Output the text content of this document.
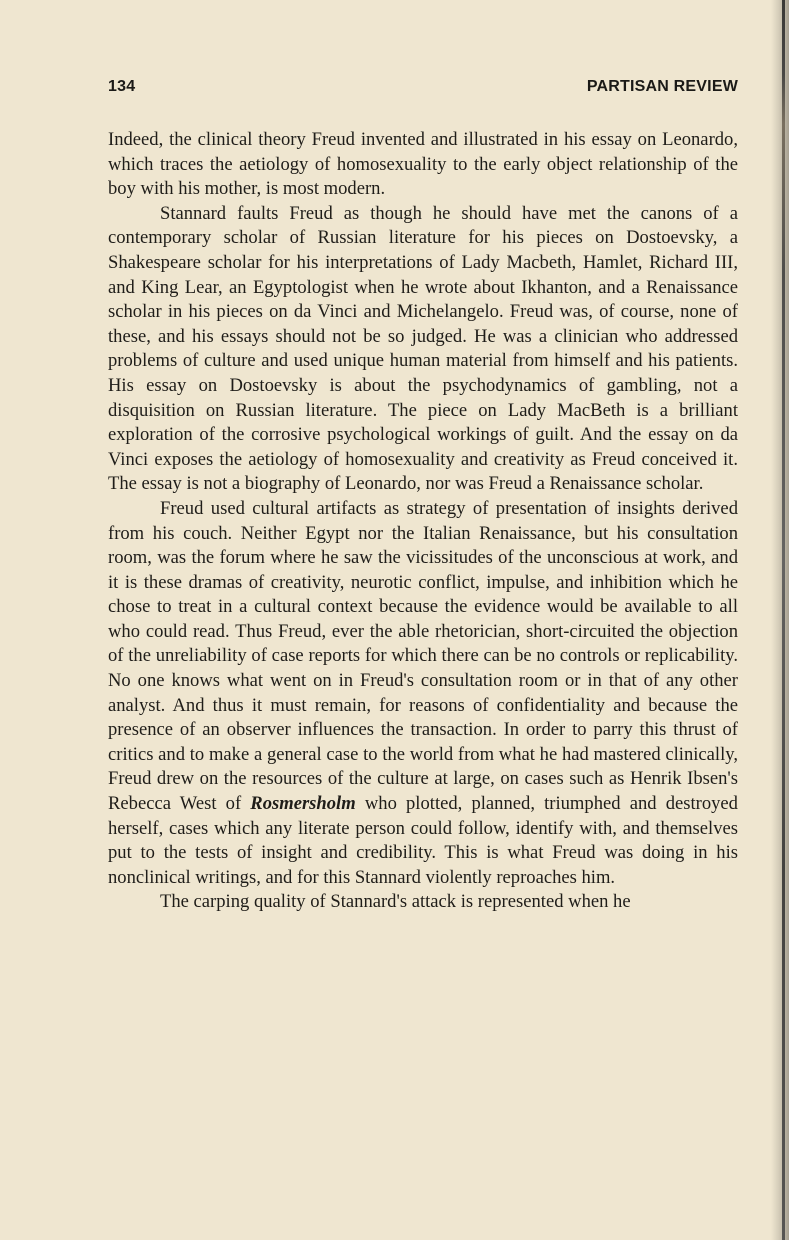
134	PARTISAN REVIEW

Indeed, the clinical theory Freud invented and illustrated in his essay on Leonardo, which traces the aetiology of homosexuality to the early object relationship of the boy with his mother, is most modern.

Stannard faults Freud as though he should have met the canons of a contemporary scholar of Russian literature for his pieces on Dostoevsky, a Shakespeare scholar for his interpretations of Lady Macbeth, Hamlet, Richard III, and King Lear, an Egyptologist when he wrote about Ikhanton, and a Renaissance scholar in his pieces on da Vinci and Michelangelo. Freud was, of course, none of these, and his essays should not be so judged. He was a clinician who addressed problems of culture and used unique human material from himself and his patients. His essay on Dostoevsky is about the psychodynamics of gambling, not a disquisition on Russian literature. The piece on Lady MacBeth is a brilliant exploration of the corrosive psychological workings of guilt. And the essay on da Vinci exposes the aetiology of homosexuality and creativity as Freud conceived it. The essay is not a biography of Leonardo, nor was Freud a Renaissance scholar.

Freud used cultural artifacts as strategy of presentation of insights derived from his couch. Neither Egypt nor the Italian Renaissance, but his consultation room, was the forum where he saw the vicissitudes of the unconscious at work, and it is these dramas of creativity, neurotic conflict, impulse, and inhibition which he chose to treat in a cultural context because the evidence would be available to all who could read. Thus Freud, ever the able rhetorician, short-circuited the objection of the unreliability of case reports for which there can be no controls or replicability. No one knows what went on in Freud's consultation room or in that of any other analyst. And thus it must remain, for reasons of confidentiality and because the presence of an observer influences the transaction. In order to parry this thrust of critics and to make a general case to the world from what he had mastered clinically, Freud drew on the resources of the culture at large, on cases such as Henrik Ibsen's Rebecca West of Rosmersholm who plotted, planned, triumphed and destroyed herself, cases which any literate person could follow, identify with, and themselves put to the tests of insight and credibility. This is what Freud was doing in his nonclinical writings, and for this Stannard violently reproaches him.

The carping quality of Stannard's attack is represented when he
